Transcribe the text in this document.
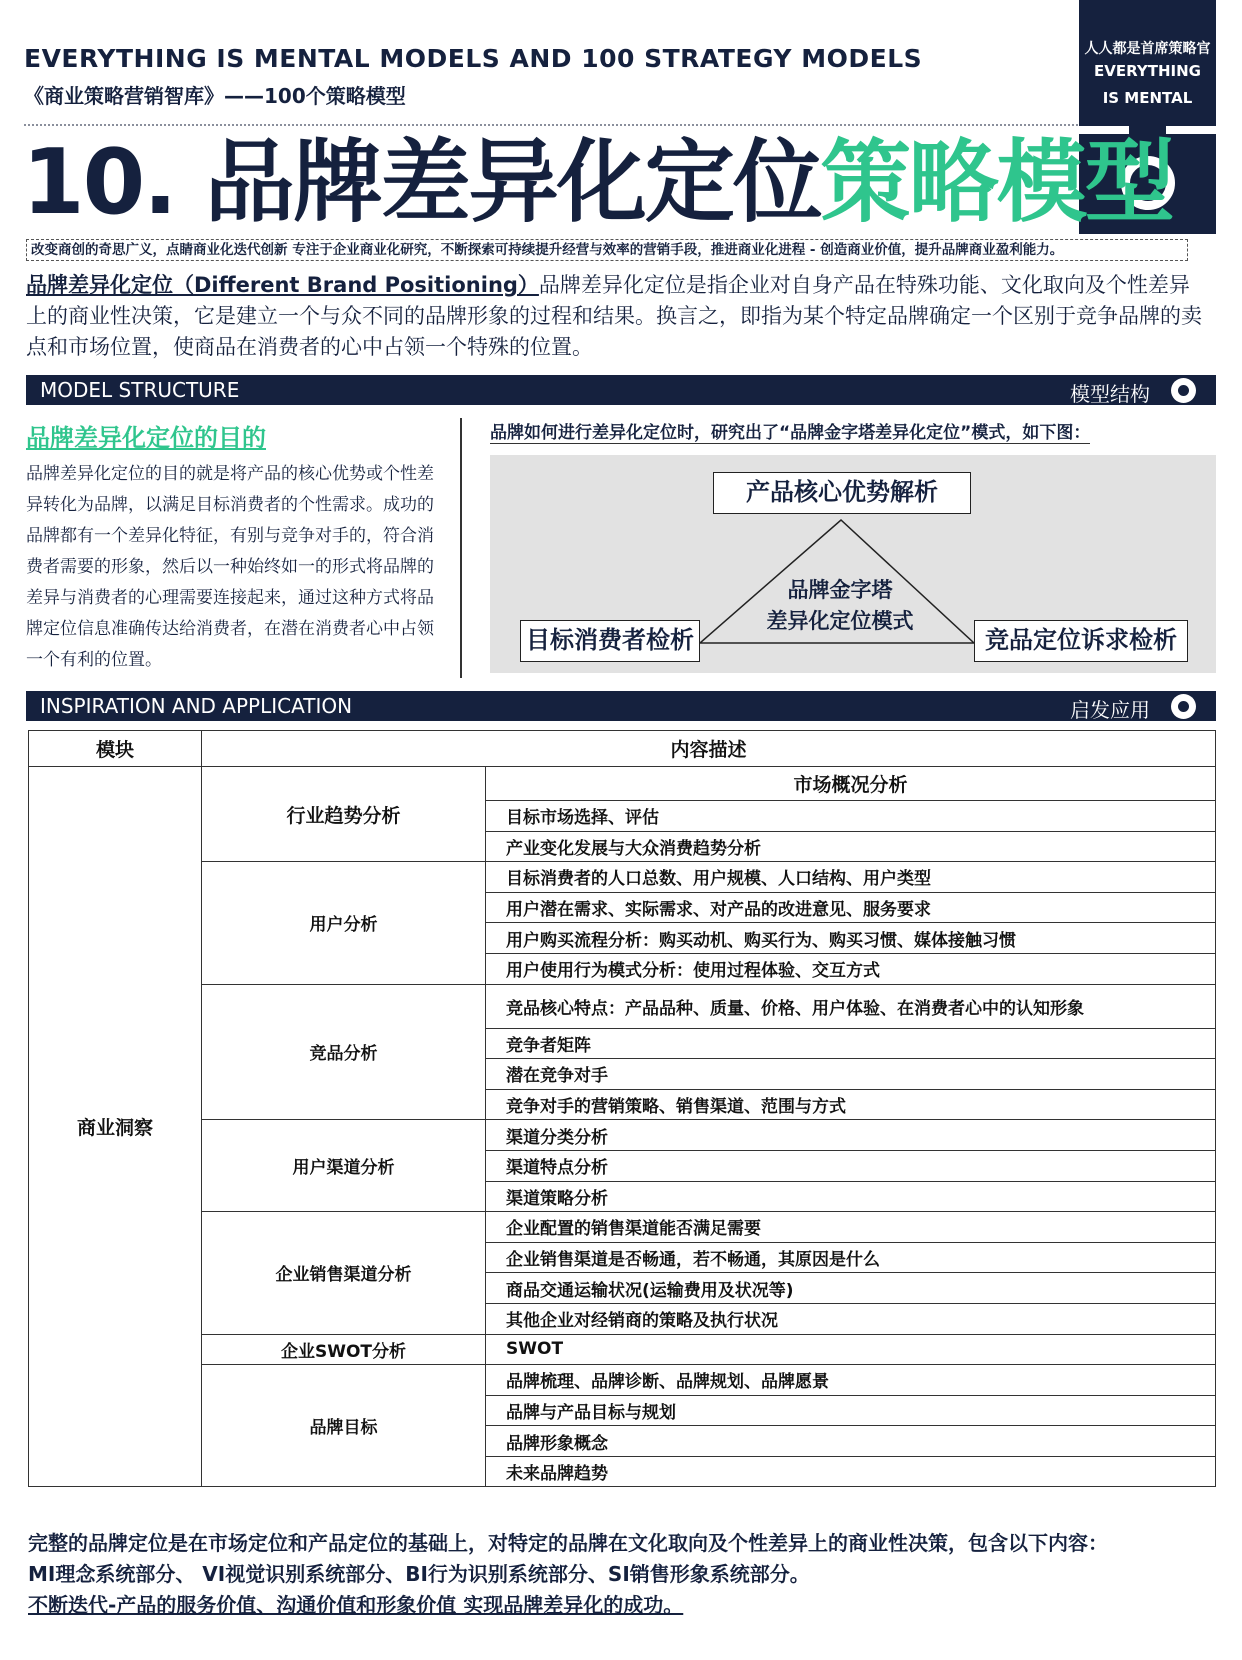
EVERYTHING IS MENTAL MODELS AND 100 STRATEGY MODELS
《商业策略营销智库》——100个策略模型
人人都是首席策略官
EVERYTHING
IS MENTAL
10. 品牌差异化定位策略模型
改变商创的奇思广义，点睛商业化迭代创新 专注于企业商业化研究，不断探索可持续提升经营与效率的营销手段，推进商业化进程 - 创造商业价值，提升品牌商业盈利能力。
品牌差异化定位（Different Brand Positioning）品牌差异化定位是指企业对自身产品在特殊功能、文化取向及个性差异上的商业性决策，它是建立一个与众不同的品牌形象的过程和结果。换言之，即指为某个特定品牌确定一个区别于竞争品牌的卖点和市场位置，使商品在消费者的心中占领一个特殊的位置。
MODEL STRUCTURE	模型结构
品牌差异化定位的目的
品牌差异化定位的目的就是将产品的核心优势或个性差异转化为品牌，以满足目标消费者的个性需求。成功的品牌都有一个差异化特征，有别与竞争对手的，符合消费者需要的形象，然后以一种始终如一的形式将品牌的差异与消费者的心理需要连接起来，通过这种方式将品牌定位信息准确传达给消费者，在潜在消费者心中占领一个有利的位置。
品牌如何进行差异化定位时，研究出了“品牌金字塔差异化定位”模式，如下图：
产品核心优势解析
品牌金字塔
差异化定位模式
目标消费者检析	竞品定位诉求检析
INSPIRATION AND APPLICATION	启发应用
模块	内容描述	
商业洞察	行业趋势分析	市场概况分析
		目标市场选择、评估
		产业变化发展与大众消费趋势分析
	用户分析	目标消费者的人口总数、用户规模、人口结构、用户类型
		用户潜在需求、实际需求、对产品的改进意见、服务要求
		用户购买流程分析：购买动机、购买行为、购买习惯、媒体接触习惯
		用户使用行为模式分析：使用过程体验、交互方式
	竞品分析	竞品核心特点：产品品种、质量、价格、用户体验、在消费者心中的认知形象
		竞争者矩阵
		潜在竞争对手
		竞争对手的营销策略、销售渠道、范围与方式
	用户渠道分析	渠道分类分析
		渠道特点分析
		渠道策略分析
	企业销售渠道分析	企业配置的销售渠道能否满足需要
		企业销售渠道是否畅通，若不畅通，其原因是什么
		商品交通运输状况(运输费用及状况等)
		其他企业对经销商的策略及执行状况
	企业SWOT分析	SWOT
	品牌目标	品牌梳理、品牌诊断、品牌规划、品牌愿景
		品牌与产品目标与规划
		品牌形象概念
		未来品牌趋势
完整的品牌定位是在市场定位和产品定位的基础上，对特定的品牌在文化取向及个性差异上的商业性决策，包含以下内容：
MI理念系统部分、 VI视觉识别系统部分、BI行为识别系统部分、SI销售形象系统部分。
不断迭代-产品的服务价值、沟通价值和形象价值 实现品牌差异化的成功。
